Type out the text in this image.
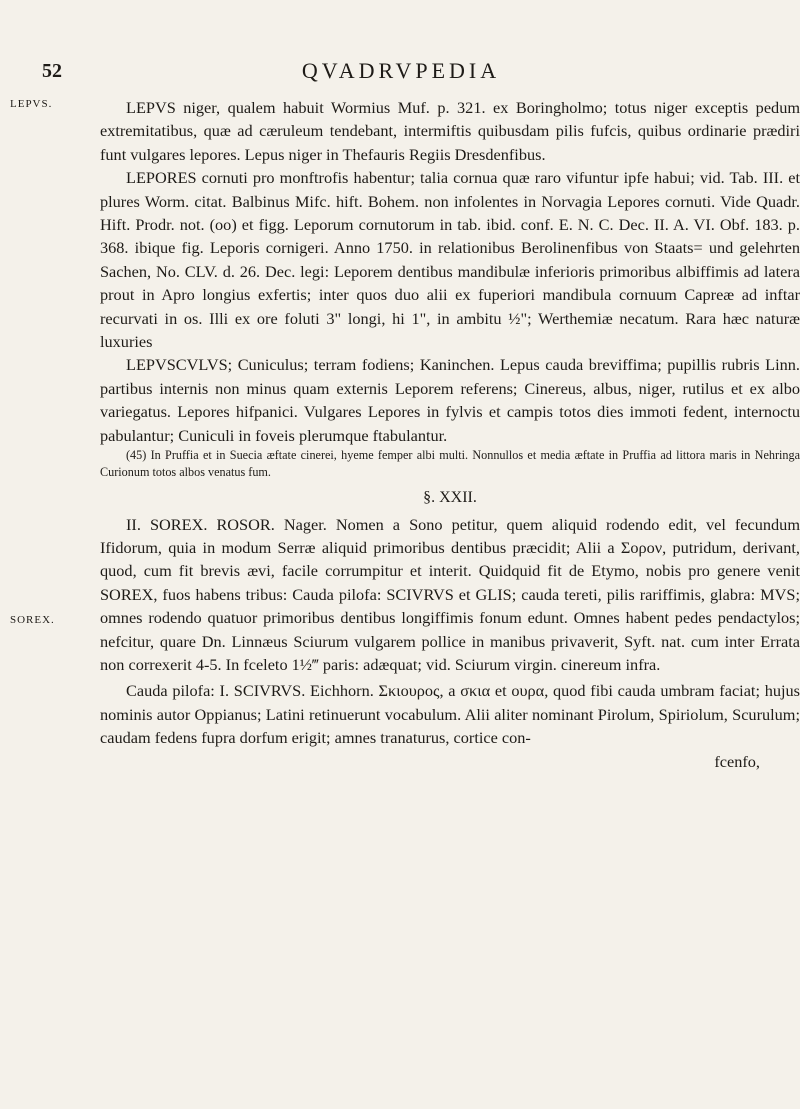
52	QVADRVPEDIA
LEPVS.
SOREX.

LEPVS niger, qualem habuit Wormius Muf. p. 321. ex Boringholmo; totus niger exceptis pedum extremitatibus, quæ ad cæruleum tendebant, intermiftis quibusdam pilis fufcis, quibus ordinarie prædiri funt vulgares lepores. Lepus niger in Thefauris Regiis Dresdenfibus.

LEPORES cornuti pro monftrofis habentur; talia cornua quæ raro vifuntur ipfe habui; vid. Tab. III. et plures Worm. citat. Balbinus Mifc. hift. Bohem. non infolentes in Norvagia Lepores cornuti. Vide Quadr. Hift. Prodr. not. (oo) et figg. Leporum cornutorum in tab. ibid. conf. E. N. C. Dec. II. A. VI. Obf. 183. p. 368. ibique fig. Leporis cornigeri. Anno 1750. in relationibus Berolinenfibus von Staats= und gelehrten Sachen, No. CLV. d. 26. Dec. legi: Leporem dentibus mandibulæ inferioris primoribus albiffimis ad latera prout in Apro longius exfertis; inter quos duo alii ex fuperiori mandibula cornuum Capreæ ad inftar recurvati in os. Illi ex ore foluti 3" longi, hi 1", in ambitu ½"; Werthemiæ necatum. Rara hæc naturæ luxuries

LEPVSCVLVS; Cuniculus; terram fodiens; Kaninchen. Lepus cauda breviffima; pupillis rubris Linn. partibus internis non minus quam externis Leporem referens; Cinereus, albus, niger, rutilus et ex albo variegatus. Lepores hifpanici. Vulgares Lepores in fylvis et campis totos dies immoti fedent, internoctu pabulantur; Cuniculi in foveis plerumque ftabulantur.

(45) In Pruffia et in Suecia æftate cinerei, hyeme femper albi multi. Nonnullos et media æftate in Pruffia ad littora maris in Nehringa Curionum totos albos venatus fum.

§. XXII.

II. SOREX. ROSOR. Nager. Nomen a Sono petitur, quem aliquid rodendo edit, vel fecundum Ifidorum, quia in modum Serræ aliquid primoribus dentibus præcidit; Alii a Σορον, putridum, derivant, quod, cum fit brevis ævi, facile corrumpitur et interit. Quidquid fit de Etymo, nobis pro genere venit SOREX, fuos habens tribus: Cauda pilofa: SCIVRVS et GLIS; cauda tereti, pilis rariffimis, glabra: MVS; omnes rodendo quatuor primoribus dentibus longiffimis fonum edunt. Omnes habent pedes pendactylos; nefcitur, quare Dn. Linnæus Sciurum vulgarem pollice in manibus privaverit, Syft. nat. cum inter Errata non correxerit 4-5. In fceleto 1½‴ paris: adæquat; vid. Sciurum virgin. cinereum infra.

Cauda pilofa: I. SCIVRVS. Eichhorn. Σκιουρος, a σκια et ουρα, quod fibi cauda umbram faciat; hujus nominis autor Oppianus; Latini retinuerunt vocabulum. Alii aliter nominant Pirolum, Spiriolum, Scurulum; caudam fedens fupra dorfum erigit; amnes tranaturus, cortice con-

fcenfo,
